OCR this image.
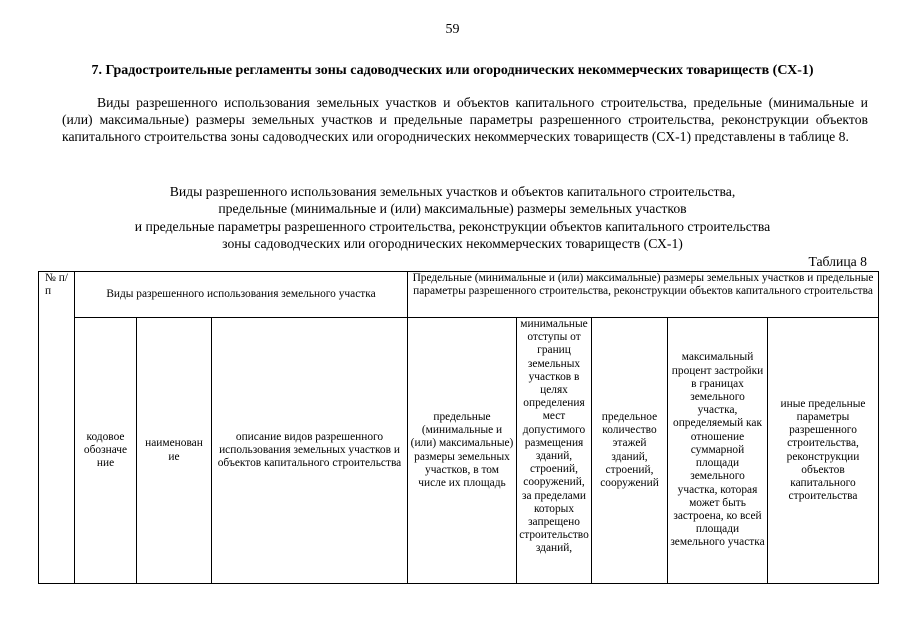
59
7. Градостроительные регламенты зоны садоводческих или огороднических некоммерческих товариществ (СХ-1)

Виды разрешенного использования земельных участков и объектов капитального строительства, предельные (минимальные и (или) максимальные) размеры земельных участков и предельные параметры разрешенного строительства, реконструкции объектов капитального строительства зоны садоводческих или огороднических некоммерческих товариществ (СХ-1) представлены в таблице 8.

Виды разрешенного использования земельных участков и объектов капитального строительства,
предельные (минимальные и (или) максимальные) размеры земельных участков
и предельные параметры разрешенного строительства, реконструкции объектов капитального строительства
зоны садоводческих или огороднических некоммерческих товариществ (СХ-1)
Таблица 8
№ п/п	Виды разрешенного использования земельного участка			Предельные (минимальные и (или) максимальные) размеры земельных участков и предельные параметры разрешенного строительства, реконструкции объектов капитального строительства				
	кодовое обозначе ние	наименован ие	описание видов разрешенного использования земельных участков и объектов капитального строительства	предельные (минимальные и (или) максимальные) размеры земельных участков, в том числе их площадь	минимальные отступы от границ земельных участков в целях определения мест допустимого размещения зданий, строений, сооружений, за пределами которых запрещено строительство зданий,	предельное количество этажей зданий, строений, сооружений	максимальный процент застройки в границах земельного участка, определяемый как отношение суммарной площади земельного участка, которая может быть застроена, ко всей площади земельного участка	иные предельные параметры разрешенного строительства, реконструкции объектов капитального строительства
